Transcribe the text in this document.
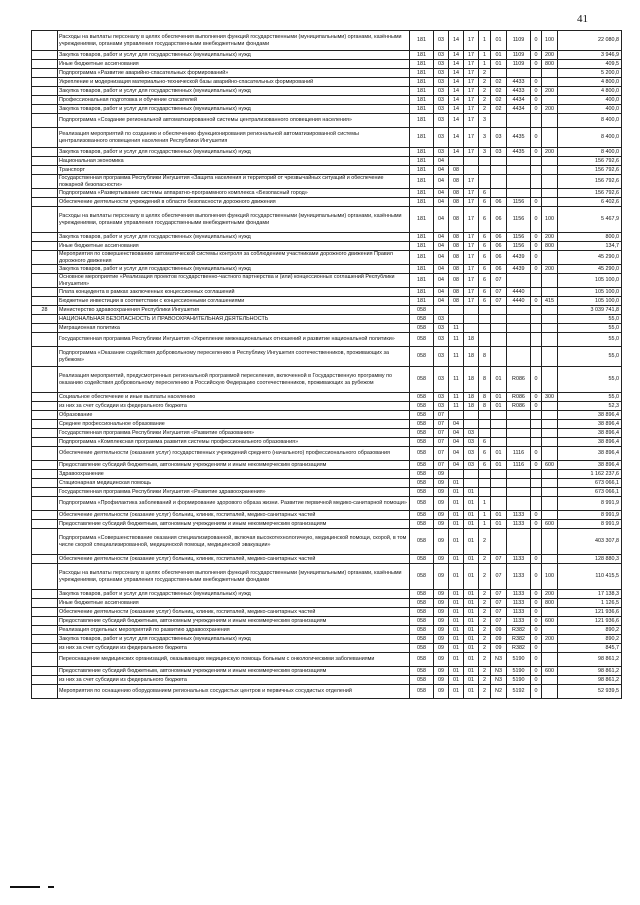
41
	Расходы на выплаты персоналу в целях обеспечения выполнения функций государственными (муниципальными) органами, казёнными учреждениями, органами управления государственными внебюджетными фондами	181	03	14	17	1	01	1109	0	100	22 080,8
	Закупка товаров, работ и услуг для государственных (муниципальных) нужд	181	03	14	17	1	01	1109	0	200	3 946,9
	Иные бюджетные ассигнования	181	03	14	17	1	01	1109	0	800	409,5
	Подпрограмма «Развитие аварийно-спасательных формирований»	181	03	14	17	2					5 200,0
	Укрепление и модернизация материально-технической базы аварийно-спасательных формирований	181	03	14	17	2	02	4433	0		4 800,0
	Закупка товаров, работ и услуг для государственных (муниципальных) нужд	181	03	14	17	2	02	4433	0	200	4 800,0
	Профессиональная подготовка и обучение спасателей	181	03	14	17	2	02	4434	0		400,0
	Закупка товаров, работ и услуг для государственных (муниципальных) нужд	181	03	14	17	2	02	4434	0	200	400,0
	Подпрограмма «Создание региональной автоматизированной системы централизованного оповещения населения»	181	03	14	17	3					8 400,0
	Реализация мероприятий по созданию и обеспечению функционирования региональной автоматизированной системы централизованного оповещения населения Республики Ингушетия	181	03	14	17	3	03	4435	0		8 400,0
	Закупка товаров, работ и услуг для государственных (муниципальных) нужд	181	03	14	17	3	03	4435	0	200	8 400,0
	Национальная экономика	181	04								156 792,6
	Транспорт	181	04	08							156 792,6
	Государственная программа Республики Ингушетия «Защита населения и территорий от чрезвычайных ситуаций и обеспечение пожарной безопасности»	181	04	08	17						156 792,6
	Подпрограмма «Развертывание системы аппаратно-программного комплекса «Безопасный город»	181	04	08	17	6					156 792,6
	Обеспечение деятельности учреждений в области безопасности дорожного движения	181	04	08	17	6	06	1156	0		6 402,6
	Расходы на выплаты персоналу в целях обеспечения выполнения функций государственными (муниципальными) органами, казёнными учреждениями, органами управления государственными внебюджетными фондами	181	04	08	17	6	06	1156	0	100	5 467,9
	Закупка товаров, работ и услуг для государственных (муниципальных) нужд	181	04	08	17	6	06	1156	0	200	800,0
	Иные бюджетные ассигнования	181	04	08	17	6	06	1156	0	800	134,7
	Мероприятия по совершенствованию автоматической системы контроля за соблюдением участниками дорожного движения Правил дорожного движения	181	04	08	17	6	06	4439	0		45 290,0
	Закупка товаров, работ и услуг для государственных (муниципальных) нужд	181	04	08	17	6	06	4439	0	200	45 290,0
	Основное мероприятие «Реализация проектов государственно-частного партнерства и (или) концессионных соглашений Республики Ингушетия»	181	04	08	17	6	07				105 100,0
	Плата концедента в рамках заключенных концессионных соглашений	181	04	08	17	6	07	4440			105 100,0
	Бюджетные инвестиции в соответствии с концессионными соглашениями	181	04	08	17	6	07	4440	0	415	105 100,0
28	Министерство здравоохранения Республики Ингушетия	058									3 039 741,8
	НАЦИОНАЛЬНАЯ БЕЗОПАСНОСТЬ И ПРАВООХРАНИТЕЛЬНАЯ ДЕЯТЕЛЬНОСТЬ	058	03								55,0
	Миграционная политика	058	03	11							55,0
	Государственная программа Республики Ингушетия «Укрепление межнациональных отношений и развитие национальной политики»	058	03	11	18						55,0
	Подпрограмма «Оказание содействия добровольному переселению в Республику Ингушетия соотечественников, проживающих за рубежом»	058	03	11	18	8					55,0
	Реализация мероприятий, предусмотренных региональной программой переселения, включенной в Государственную программу по оказанию содействия добровольному переселению в Российскую Федерацию соотечественников, проживающих за рубежом	058	03	11	18	8	01	R086	0		55,0
	Социальное обеспечение и иные выплаты населению	058	03	11	18	8	01	R086	0	300	55,0
	из них за счет субсидии из федерального бюджета	058	03	11	18	8	01	R086	0		52,3
	Образование	058	07								38 896,4
	Среднее профессиональное образование	058	07	04							38 896,4
	Государственная программа Республики Ингушетия «Развитие образования»	058	07	04	03						38 896,4
	Подпрограмма «Комплексная программа развития системы профессионального образования»	058	07	04	03	6					38 896,4
	Обеспечение деятельности (оказания услуг) государственных учреждений среднего (начального) профессионального образования	058	07	04	03	6	01	1116	0		38 896,4
	Предоставление субсидий бюджетным, автономным учреждениям и иным некоммерческим организациям	058	07	04	03	6	01	1116	0	600	38 896,4
	Здравоохранение	058	09								1 162 237,6
	Стационарная медицинская помощь	058	09	01							673 066,1
	Государственная программа Республики Ингушетия «Развитие здравоохранения»	058	09	01	01						673 066,1
	Подпрограмма «Профилактика заболеваний и формирование здорового образа жизни. Развитие первичной медико-санитарной помощи»	058	09	01	01	1					8 991,9
	Обеспечение деятельности (оказание услуг) больниц, клиник, госпиталей, медико-санитарных частей	058	09	01	01	1	01	1133	0		8 991,9
	Предоставление субсидий бюджетным, автономным учреждениям и иным некоммерческим организациям	058	09	01	01	1	01	1133	0	600	8 991,9
	Подпрограмма «Совершенствование оказания специализированной, включая высокотехнологичную, медицинской помощи, скорой, в том числе скорой специализированной, медицинской помощи, медицинской эвакуации»	058	09	01	01	2					403 307,8
	Обеспечение деятельности (оказание услуг) больниц, клиник, госпиталей, медико-санитарных частей	058	09	01	01	2	07	1133	0		128 880,3
	Расходы на выплаты персоналу в целях обеспечения выполнения функций государственными (муниципальными) органами, казёнными учреждениями, органами управления государственными внебюджетными фондами	058	09	01	01	2	07	1133	0	100	110 415,5
	Закупка товаров, работ и услуг для государственных (муниципальных) нужд	058	09	01	01	2	07	1133	0	200	17 138,3
	Иные бюджетные ассигнования	058	09	01	01	2	07	1133	0	800	1 126,5
	Обеспечение деятельности (оказание услуг) больниц, клиник, госпиталей, медико-санитарных частей	058	09	01	01	2	07	1133	0		121 936,6
	Предоставление субсидий бюджетным, автономным учреждениям и иным некоммерческим организациям	058	09	01	01	2	07	1133	0	600	121 936,6
	Реализация отдельных мероприятий по развитию здравоохранения	058	09	01	01	2	09	R382	0		890,2
	Закупка товаров, работ и услуг для государственных (муниципальных) нужд	058	09	01	01	2	09	R382	0	200	890,2
	из них за счет субсидии из федерального бюджета	058	09	01	01	2	09	R382	0		845,7
	Переоснащение медицинских организаций, оказывающих медицинскую помощь больным с онкологическими заболеваниями	058	09	01	01	2	N3	5190	0		98 861,2
	Предоставление субсидий бюджетным, автономным учреждениям и иным некоммерческим организациям	058	09	01	01	2	N3	5190	0	600	98 861,2
	из них за счет субсидии из федерального бюджета	058	09	01	01	2	N3	5190	0		98 861,2
	Мероприятия по оснащению оборудованием региональных сосудистых центров и первичных сосудистых отделений	058	09	01	01	2	N2	5192	0		52 939,5
